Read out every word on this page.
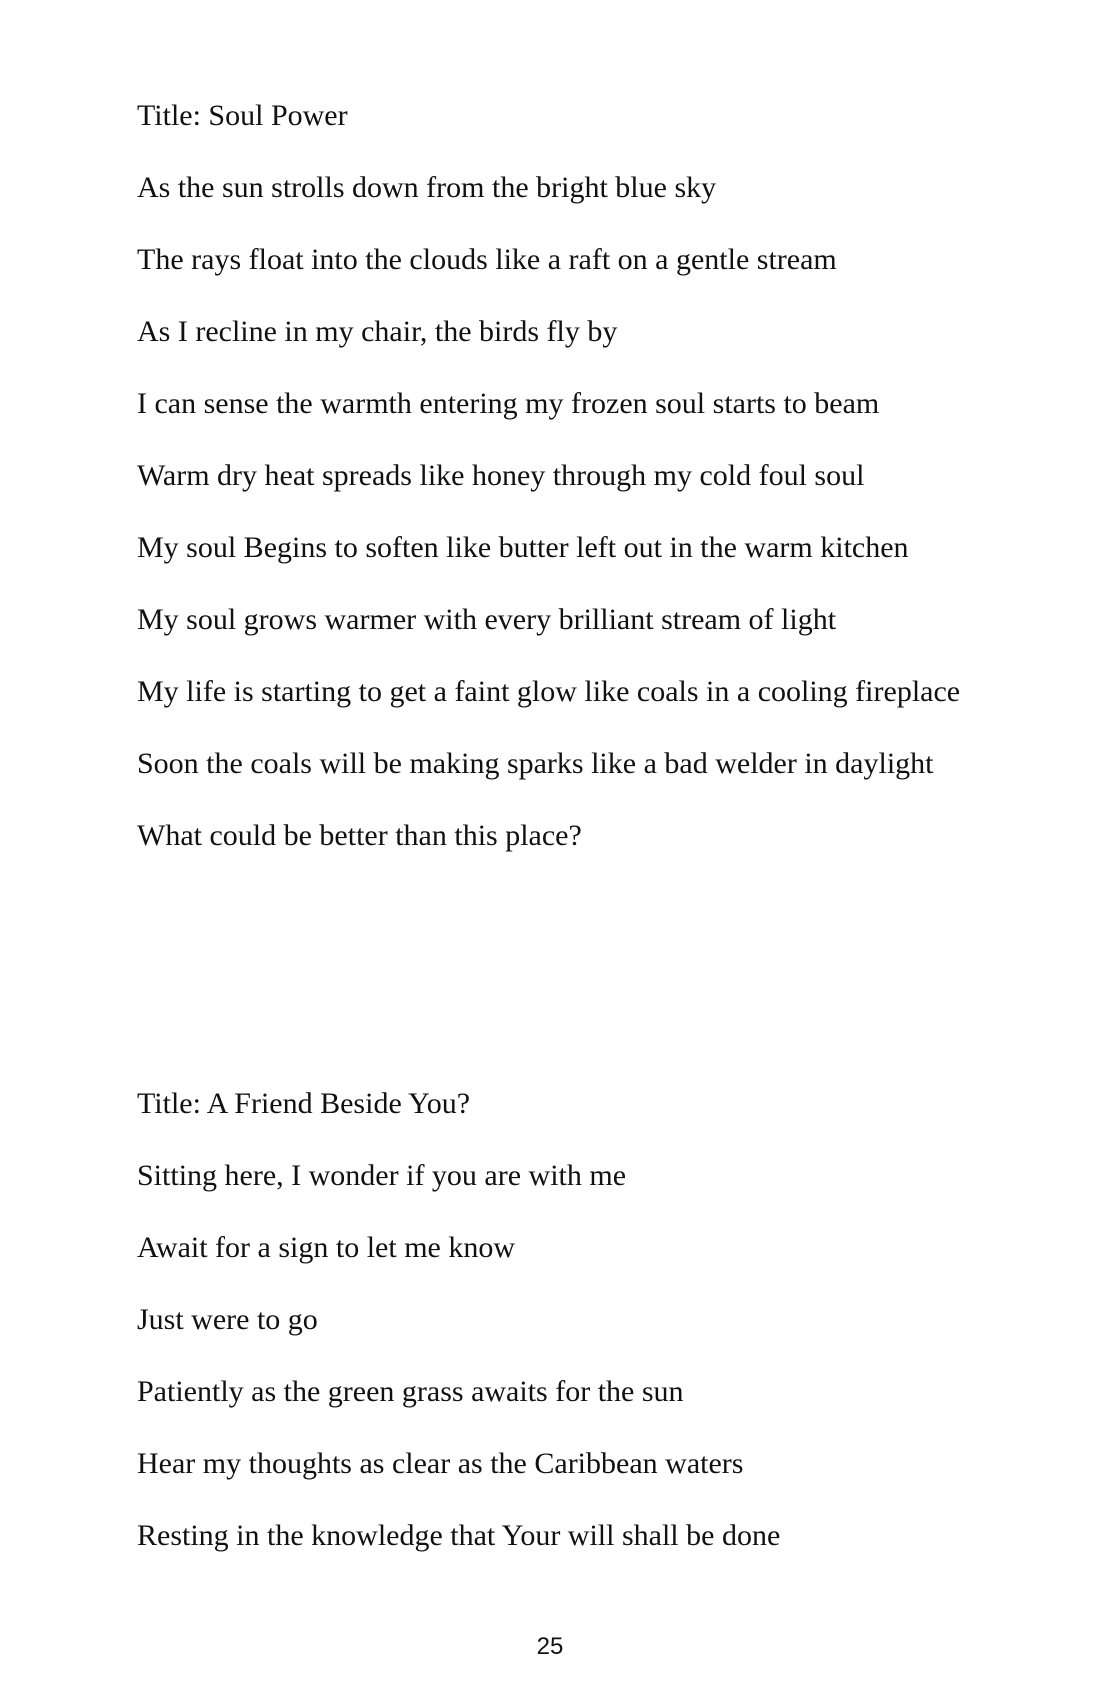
Title: Soul Power
As the sun strolls down from the bright blue sky
The rays float into the clouds like a raft on a gentle stream
As I recline in my chair, the birds fly by
I can sense the warmth entering my frozen soul starts to beam
Warm dry heat spreads like honey through my cold foul soul
My soul Begins to soften like butter left out in the warm kitchen
My soul grows warmer with every brilliant stream of light
My life is starting to get a faint glow like coals in a cooling fireplace
Soon the coals will be making sparks like a bad welder in daylight
What could be better than this place?
Title: A Friend Beside You?
Sitting here, I wonder if you are with me
Await for a sign to let me know
Just were to go
Patiently as the green grass awaits for the sun
Hear my thoughts as clear as the Caribbean waters
Resting in the knowledge that Your will shall be done
25
